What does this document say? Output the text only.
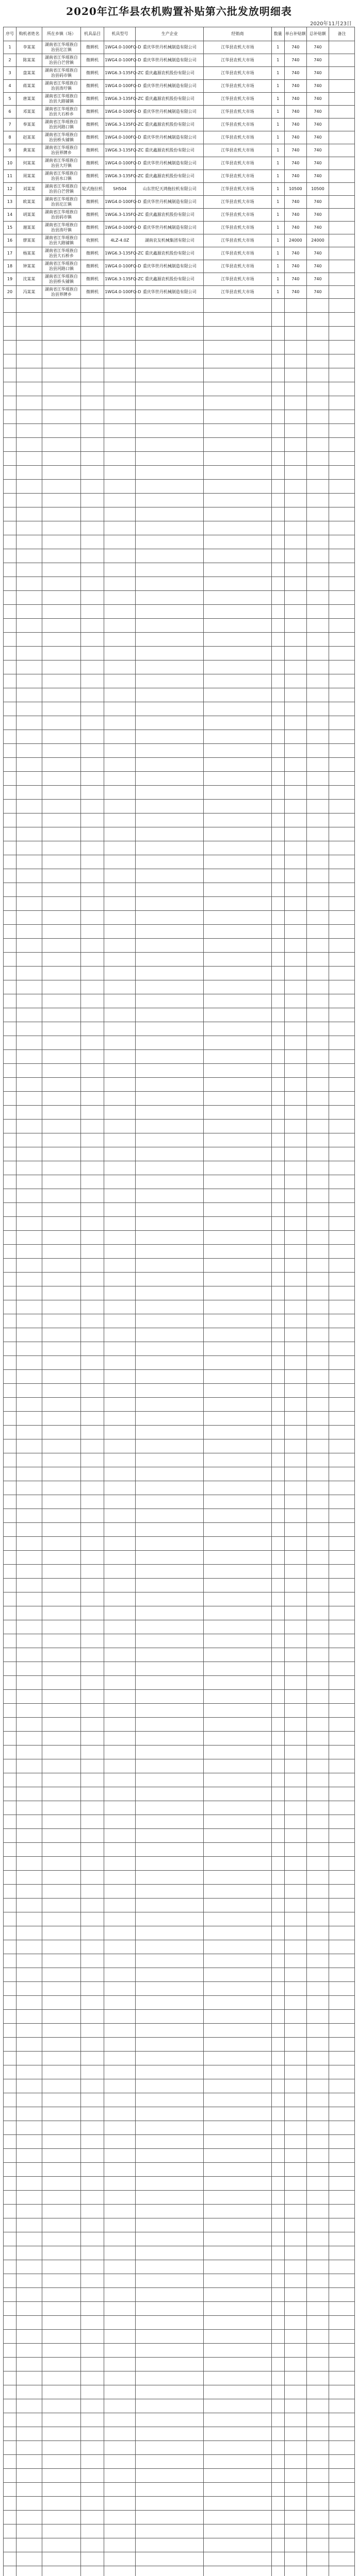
2020年江华县农机购置补贴第六批发放明细表
2020年11月23日
序号	购机者姓名	所在乡镇（场）	机具品目	机具型号	生产企业	经销商	数量	单台补贴额	总补贴额	备注
1	李某某	湖南省江华瑶族自治县沱江镇	微耕机	1WG4.0-100FQ-D	重庆华世丹机械制造有限公司	江华县农机大市场	1	740	740	
2	陈某某	湖南省江华瑶族自治县白芒营镇	微耕机	1WG4.0-100FQ-D	重庆华世丹机械制造有限公司	江华县农机大市场	1	740	740	
3	盘某某	湖南省江华瑶族自治县码市镇	微耕机	1WG6.3-135FQ-ZC	重庆鑫源农机股份有限公司	江华县农机大市场	1	740	740	
4	蒋某某	湖南省江华瑶族自治县涛圩镇	微耕机	1WG4.0-100FQ-D	重庆华世丹机械制造有限公司	江华县农机大市场	1	740	740	
5	唐某某	湖南省江华瑶族自治县大路铺镇	微耕机	1WG6.3-135FQ-ZC	重庆鑫源农机股份有限公司	江华县农机大市场	1	740	740	
6	邓某某	湖南省江华瑶族自治县大石桥乡	微耕机	1WG4.0-100FQ-D	重庆华世丹机械制造有限公司	江华县农机大市场	1	740	740	
7	奉某某	湖南省江华瑶族自治县河路口镇	微耕机	1WG6.3-135FQ-ZC	重庆鑫源农机股份有限公司	江华县农机大市场	1	740	740	
8	赵某某	湖南省江华瑶族自治县桥头铺镇	微耕机	1WG4.0-100FQ-D	重庆华世丹机械制造有限公司	江华县农机大市场	1	740	740	
9	黄某某	湖南省江华瑶族自治县界牌乡	微耕机	1WG6.3-135FQ-ZC	重庆鑫源农机股份有限公司	江华县农机大市场	1	740	740	
10	何某某	湖南省江华瑶族自治县大圩镇	微耕机	1WG4.0-100FQ-D	重庆华世丹机械制造有限公司	江华县农机大市场	1	740	740	
11	周某某	湖南省江华瑶族自治县水口镇	微耕机	1WG6.3-135FQ-ZC	重庆鑫源农机股份有限公司	江华县农机大市场	1	740	740	
12	刘某某	湖南省江华瑶族自治县白芒营镇	轮式拖拉机	SH504	山东世纪天鸿拖拉机有限公司	江华县农机大市场	1	10500	10500	
13	欧某某	湖南省江华瑶族自治县沱江镇	微耕机	1WG4.0-100FQ-D	重庆华世丹机械制造有限公司	江华县农机大市场	1	740	740	
14	胡某某	湖南省江华瑶族自治县码市镇	微耕机	1WG6.3-135FQ-ZC	重庆鑫源农机股份有限公司	江华县农机大市场	1	740	740	
15	谢某某	湖南省江华瑶族自治县涛圩镇	微耕机	1WG4.0-100FQ-D	重庆华世丹机械制造有限公司	江华县农机大市场	1	740	740	
16	廖某某	湖南省江华瑶族自治县大路铺镇	收割机	4LZ-4.0Z	湖南农友机械集团有限公司	江华县农机大市场	1	24000	24000	
17	杨某某	湖南省江华瑶族自治县大石桥乡	微耕机	1WG6.3-135FQ-ZC	重庆鑫源农机股份有限公司	江华县农机大市场	1	740	740	
18	钟某某	湖南省江华瑶族自治县河路口镇	微耕机	1WG4.0-100FQ-D	重庆华世丹机械制造有限公司	江华县农机大市场	1	740	740	
19	沈某某	湖南省江华瑶族自治县桥头铺镇	微耕机	1WG6.3-135FQ-ZC	重庆鑫源农机股份有限公司	江华县农机大市场	1	740	740	
20	冯某某	湖南省江华瑶族自治县界牌乡	微耕机	1WG4.0-100FQ-D	重庆华世丹机械制造有限公司	江华县农机大市场	1	740	740	
